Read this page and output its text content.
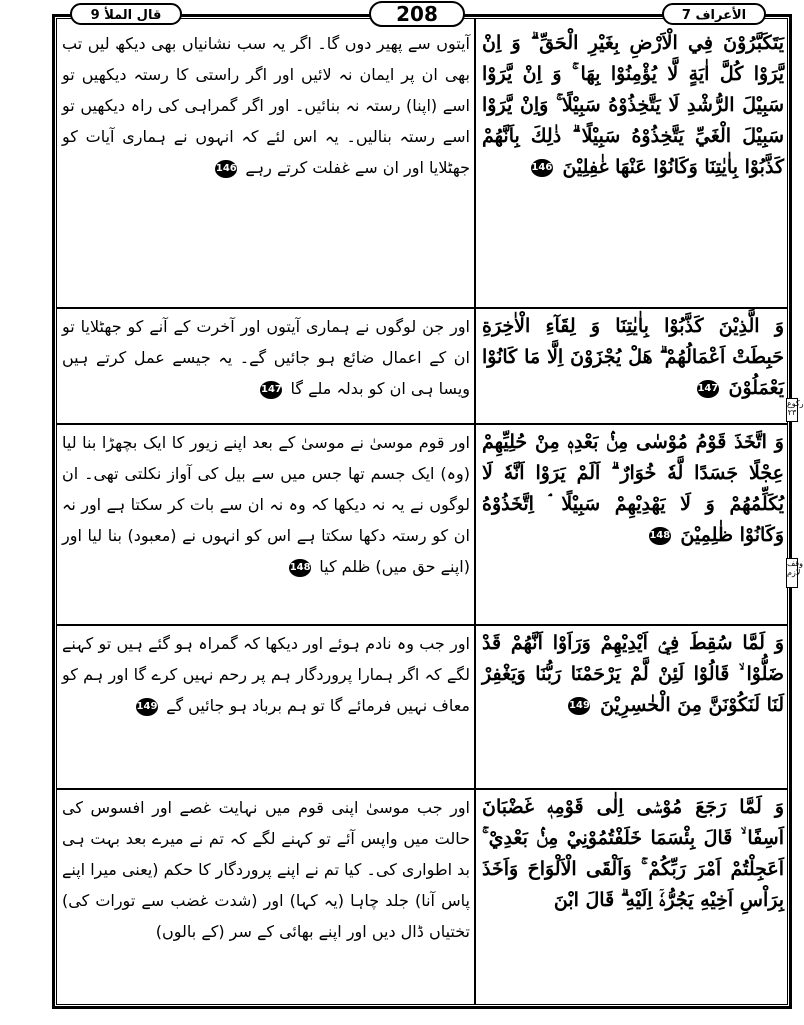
قال الملأ 9	208	الأعراف 7
يَتَكَبَّرُوْنَ فِي الْاَرْضِ بِغَيْرِ الْحَقِّ ۗ وَ اِنْ يَّرَوْا كُلَّ اٰيَةٍ لَّا يُؤْمِنُوْا بِهَا ۚ وَ اِنْ يَّرَوْا سَبِيْلَ الرُّشْدِ لَا يَتَّخِذُوْهُ سَبِيْلًا ۚ وَاِنْ يَّرَوْا سَبِيْلَ الْغَيِّ يَتَّخِذُوْهُ سَبِيْلًا ۗ ذٰلِكَ بِاَنَّهُمْ كَذَّبُوْا بِاٰيٰتِنَا وَكَانُوْا عَنْهَا غٰفِلِيْنَ 146
آیتوں سے پھیر دوں گا۔ اگر یہ سب نشانیاں بھی دیکھ لیں تب بھی ان پر ایمان نہ لائیں اور اگر راستی کا رستہ دیکھیں تو اسے (اپنا) رستہ نہ بنائیں۔ اور اگر گمراہی کی راہ دیکھیں تو اسے رستہ بنالیں۔ یہ اس لئے کہ انہوں نے ہماری آیات کو جھٹلایا اور ان سے غفلت کرتے رہے 146
وَ الَّذِيْنَ كَذَّبُوْا بِاٰيٰتِنَا وَ لِقَآءِ الْاٰخِرَةِ حَبِطَتْ اَعْمَالُهُمْ ۗ هَلْ يُجْزَوْنَ اِلَّا مَا كَانُوْا يَعْمَلُوْنَ 147
اور جن لوگوں نے ہماری آیتوں اور آخرت کے آنے کو جھٹلایا تو ان کے اعمال ضائع ہو جائیں گے۔ یہ جیسے عمل کرتے ہیں ویسا ہی ان کو بدلہ ملے گا 147
وَ اتَّخَذَ قَوْمُ مُوْسٰى مِنْۢ بَعْدِهٖ مِنْ حُلِيِّهِمْ عِجْلًا جَسَدًا لَّهٗ خُوَارٌ ۗ اَلَمْ يَرَوْا اَنَّهٗ لَا يُكَلِّمُهُمْ وَ لَا يَهْدِيْهِمْ سَبِيْلًا ۘ اِتَّخَذُوْهُ وَكَانُوْا ظٰلِمِيْنَ 148
اور قوم موسیٰ نے موسیٰ کے بعد اپنے زیور کا ایک بچھڑا بنا لیا (وہ) ایک جسم تھا جس میں سے بیل کی آواز نکلتی تھی۔ ان لوگوں نے یہ نہ دیکھا کہ وہ نہ ان سے بات کر سکتا ہے اور نہ ان کو رستہ دکھا سکتا ہے اس کو انہوں نے (معبود) بنا لیا اور (اپنے حق میں) ظلم کیا 148
وَ لَمَّا سُقِطَ فِيْۤ اَيْدِيْهِمْ وَرَاَوْا اَنَّهُمْ قَدْ ضَلُّوْا ۙ قَالُوْا لَئِنْ لَّمْ يَرْحَمْنَا رَبُّنَا وَيَغْفِرْ لَنَا لَنَكُوْنَنَّ مِنَ الْخٰسِرِيْنَ 149
اور جب وہ نادم ہوئے اور دیکھا کہ گمراہ ہو گئے ہیں تو کہنے لگے کہ اگر ہمارا پروردگار ہم پر رحم نہیں کرے گا اور ہم کو معاف نہیں فرمائے گا تو ہم برباد ہو جائیں گے 149
وَ لَمَّا رَجَعَ مُوْسٰۤى اِلٰى قَوْمِهٖ غَضْبَانَ اَسِفًا ۙ قَالَ بِئْسَمَا خَلَفْتُمُوْنِيْ مِنْۢ بَعْدِيْ ۚ اَعَجِلْتُمْ اَمْرَ رَبِّكُمْ ۚ وَاَلْقَى الْاَلْوَاحَ وَاَخَذَ بِرَاْسِ اَخِيْهِ يَجُرُّهٗۤ اِلَيْهِ ۗ قَالَ ابْنَ
اور جب موسیٰ اپنی قوم میں نہایت غصے اور افسوس کی حالت میں واپس آئے تو کہنے لگے کہ تم نے میرے بعد بہت ہی بد اطواری کی۔ کیا تم نے اپنے پروردگار کا حکم (یعنی میرا اپنے پاس آنا) جلد چاہا (یہ کہا) اور (شدت غضب سے تورات کی) تختیاں ڈال دیں اور اپنے بھائی کے سر (کے بالوں)
ركوع ٢٣
وقف لازم
